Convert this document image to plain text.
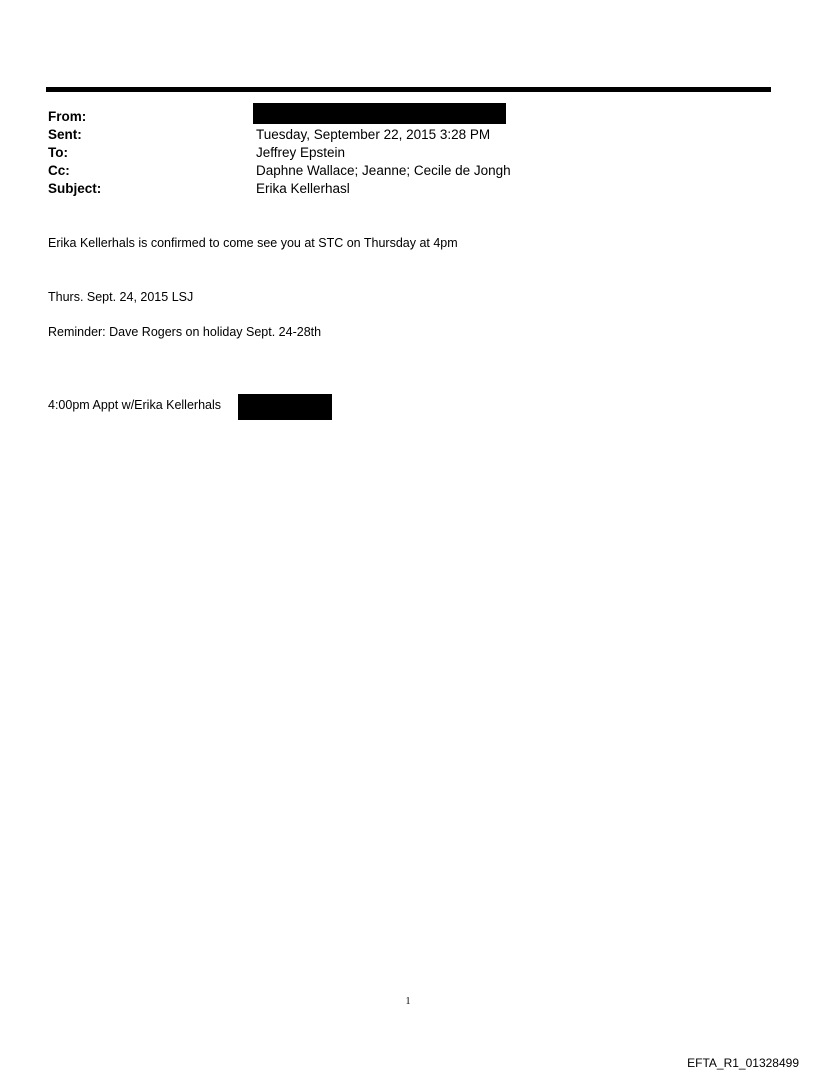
From:
Sent:	Tuesday, September 22, 2015 3:28 PM
To:	Jeffrey Epstein
Cc:	Daphne Wallace; Jeanne; Cecile de Jongh
Subject:	Erika Kellerhasl
Erika Kellerhals is confirmed to come see you at STC on Thursday at 4pm
Thurs. Sept. 24, 2015 LSJ
Reminder: Dave Rogers on holiday Sept. 24-28th
4:00pm Appt w/Erika Kellerhals
1
EFTA_R1_01328499
